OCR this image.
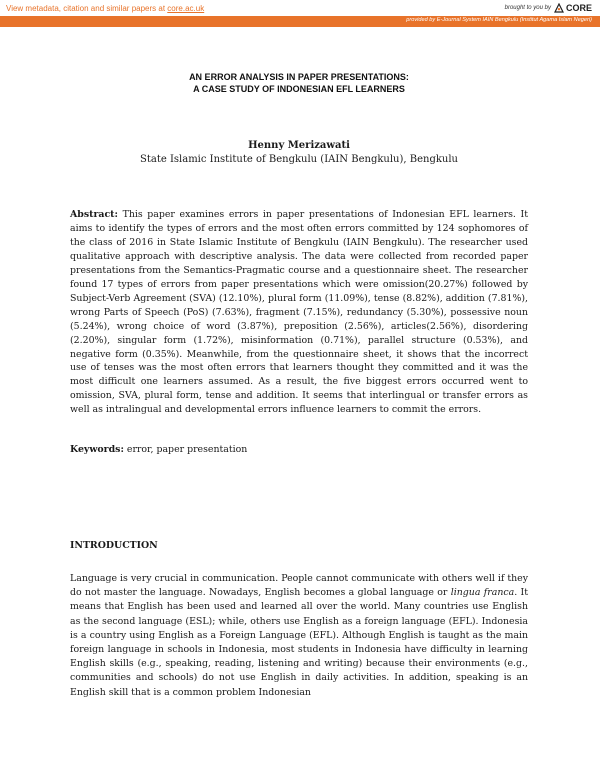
View metadata, citation and similar papers at core.ac.uk	brought to you by CORE
provided by E-Journal System IAIN Bengkulu (Institut Agama Islam Negeri)
AN ERROR ANALYSIS IN PAPER PRESENTATIONS:
A CASE STUDY OF INDONESIAN EFL LEARNERS
Henny Merizawati
State Islamic Institute of Bengkulu (IAIN Bengkulu), Bengkulu
Abstract: This paper examines errors in paper presentations of Indonesian EFL learners. It aims to identify the types of errors and the most often errors committed by 124 sophomores of the class of 2016 in State Islamic Institute of Bengkulu (IAIN Bengkulu). The researcher used qualitative approach with descriptive analysis. The data were collected from recorded paper presentations from the Semantics-Pragmatic course and a questionnaire sheet. The researcher found 17 types of errors from paper presentations which were omission(20.27%) followed by Subject-Verb Agreement (SVA) (12.10%), plural form (11.09%), tense (8.82%), addition (7.81%), wrong Parts of Speech (PoS) (7.63%), fragment (7.15%), redundancy (5.30%), possessive noun (5.24%), wrong choice of word (3.87%), preposition (2.56%), articles(2.56%), disordering (2.20%), singular form (1.72%), misinformation (0.71%), parallel structure (0.53%), and negative form (0.35%). Meanwhile, from the questionnaire sheet, it shows that the incorrect use of tenses was the most often errors that learners thought they committed and it was the most difficult one learners assumed. As a result, the five biggest errors occurred went to omission, SVA, plural form, tense and addition. It seems that interlingual or transfer errors as well as intralingual and developmental errors influence learners to commit the errors.
Keywords: error, paper presentation
INTRODUCTION
Language is very crucial in communication. People cannot communicate with others well if they do not master the language. Nowadays, English becomes a global language or lingua franca. It means that English has been used and learned all over the world. Many countries use English as the second language (ESL); while, others use English as a foreign language (EFL). Indonesia is a country using English as a Foreign Language (EFL). Although English is taught as the main foreign language in schools in Indonesia, most students in Indonesia have difficulty in learning English skills (e.g., speaking, reading, listening and writing) because their environments (e.g., communities and schools) do not use English in daily activities. In addition, speaking is an English skill that is a common problem Indonesian
